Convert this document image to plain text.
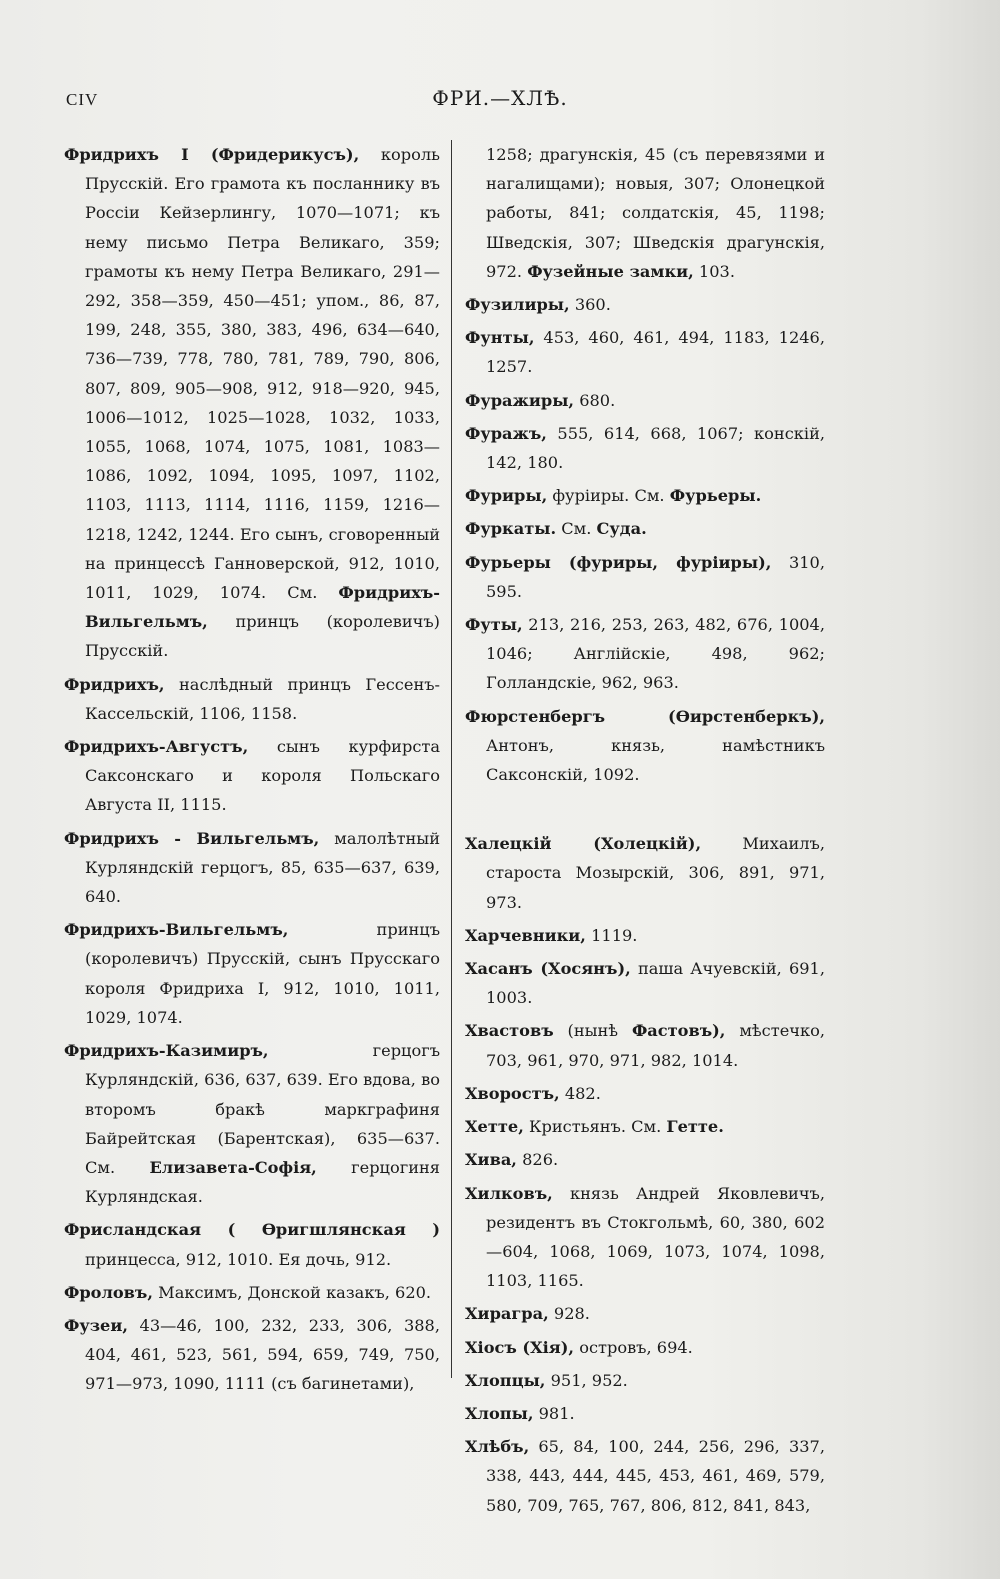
CIV	ФРИ.—ХЛѢ.
Фридрихъ I (Фридерикусъ), король Прусскій. Его грамота къ посланнику въ Россіи Кейзерлингу, 1070—1071; къ нему письмо Петра Великаго, 359; грамоты къ нему Петра Великаго, 291—292, 358—359, 450—451; упом., 86, 87, 199, 248, 355, 380, 383, 496, 634—640, 736—739, 778, 780, 781, 789, 790, 806, 807, 809, 905—908, 912, 918—920, 945, 1006—1012, 1025—1028, 1032, 1033, 1055, 1068, 1074, 1075, 1081, 1083—1086, 1092, 1094, 1095, 1097, 1102, 1103, 1113, 1114, 1116, 1159, 1216—1218, 1242, 1244. Его сынъ, сговоренный на принцессѣ Ганноверской, 912, 1010, 1011, 1029, 1074. См. Фридрихъ-Вильгельмъ, принцъ (королевичъ) Прусскій.
Фридрихъ, наслѣдный принцъ Гессенъ-Кассельскій, 1106, 1158.
Фридрихъ-Августъ, сынъ курфирста Саксонскаго и короля Польскаго Августа II, 1115.
Фридрихъ - Вильгельмъ, малолѣтный Курляндскій герцогъ, 85, 635—637, 639, 640.
Фридрихъ-Вильгельмъ, принцъ (королевичъ) Прусскій, сынъ Прусскаго короля Фридриха I, 912, 1010, 1011, 1029, 1074.
Фридрихъ-Казимиръ, герцогъ Курляндскій, 636, 637, 639. Его вдова, во второмъ бракѣ маркграфиня Байрейтская (Барентская), 635—637. См. Елизавета-Софія, герцогиня Курляндская.
Фрисландская ( Ѳригшлянская ) принцесса, 912, 1010. Ея дочь, 912.
Фроловъ, Максимъ, Донской казакъ, 620.
Фузеи, 43—46, 100, 232, 233, 306, 388, 404, 461, 523, 561, 594, 659, 749, 750, 971—973, 1090, 1111 (съ багинетами),
1258; драгунскія, 45 (съ перевязями и нагалищами); новыя, 307; Олонецкой работы, 841; солдатскія, 45, 1198; Шведскія, 307; Шведскія драгунскія, 972. Фузейные замки, 103.
Фузилиры, 360.
Фунты, 453, 460, 461, 494, 1183, 1246, 1257.
Фуражиры, 680.
Фуражъ, 555, 614, 668, 1067; конскій, 142, 180.
Фуриры, фуріиры. См. Фурьеры.
Фуркаты. См. Суда.
Фурьеры (фуриры, фуріиры), 310, 595.
Футы, 213, 216, 253, 263, 482, 676, 1004, 1046; Англійскіе, 498, 962; Голландскіе, 962, 963.
Фюрстенбергъ (Ѳирстенберкъ), Антонъ, князь, намѣстникъ Саксонскій, 1092.
Халецкій (Холецкій), Михаилъ, староста Мозырскій, 306, 891, 971, 973.
Харчевники, 1119.
Хасанъ (Хосянъ), паша Ачуевскій, 691, 1003.
Хвастовъ (нынѣ Фастовъ), мѣстечко, 703, 961, 970, 971, 982, 1014.
Хворостъ, 482.
Хетте, Кристьянъ. См. Гетте.
Хива, 826.
Хилковъ, князь Андрей Яковлевичъ, резидентъ въ Стокгольмѣ, 60, 380, 602—604, 1068, 1069, 1073, 1074, 1098, 1103, 1165.
Хирагра, 928.
Хіосъ (Хія), островъ, 694.
Хлопцы, 951, 952.
Хлопы, 981.
Хлѣбъ, 65, 84, 100, 244, 256, 296, 337, 338, 443, 444, 445, 453, 461, 469, 579, 580, 709, 765, 767, 806, 812, 841, 843,
